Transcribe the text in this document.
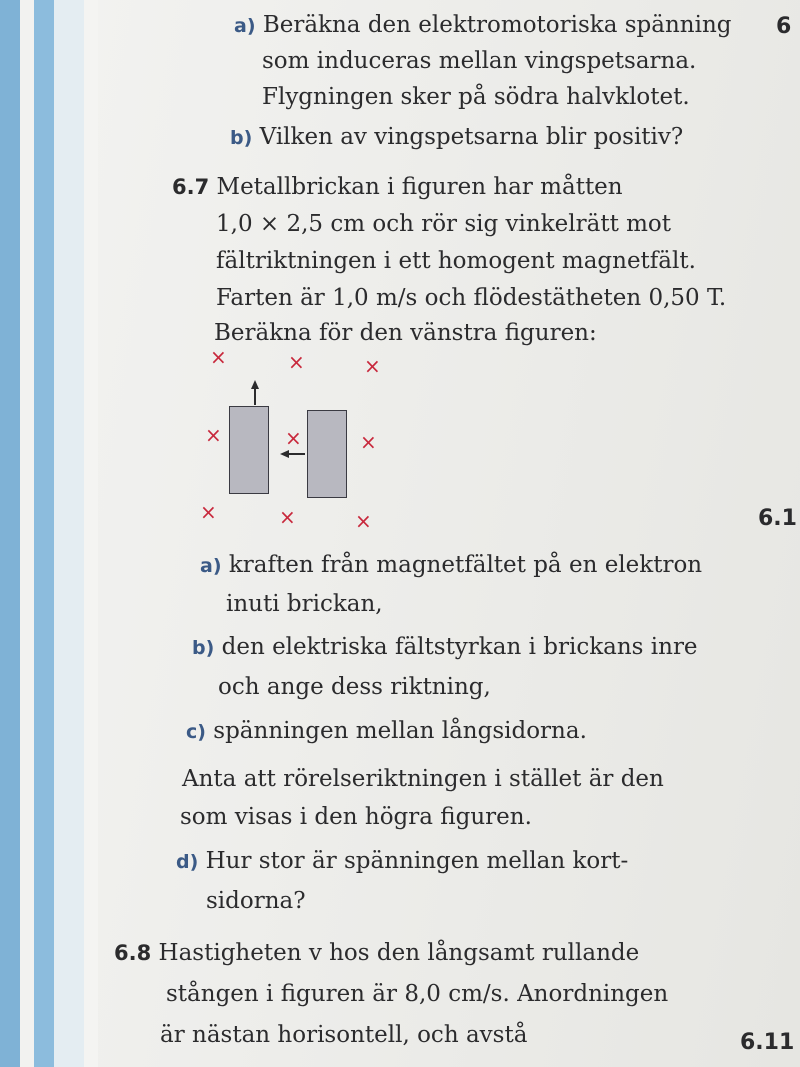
a) Beräkna den elektromotoriska spänning
som induceras mellan vingspetsarna.
Flygningen sker på södra halvklotet.
b) Vilken av vingspetsarna blir positiv?
6
6.7 Metallbrickan i figuren har måtten
1,0 × 2,5 cm och rör sig vinkelrätt mot
fältriktningen i ett homogent magnetfält.
Farten är 1,0 m/s och flödestätheten 0,50 T.
Beräkna för den vänstra figuren:
×	×	×
×	×	×
×	×	×	6.1
a) kraften från magnetfältet på en elektron
inuti brickan,
b) den elektriska fältstyrkan i brickans inre
och ange dess riktning,
c) spänningen mellan långsidorna.
Anta att rörelseriktningen i stället är den
som visas i den högra figuren.
d) Hur stor är spänningen mellan kort-
sidorna?
6.8 Hastigheten v hos den långsamt rullande
stången i figuren är 8,0 cm/s. Anordningen
är nästan horisontell, och avstå	6.11
